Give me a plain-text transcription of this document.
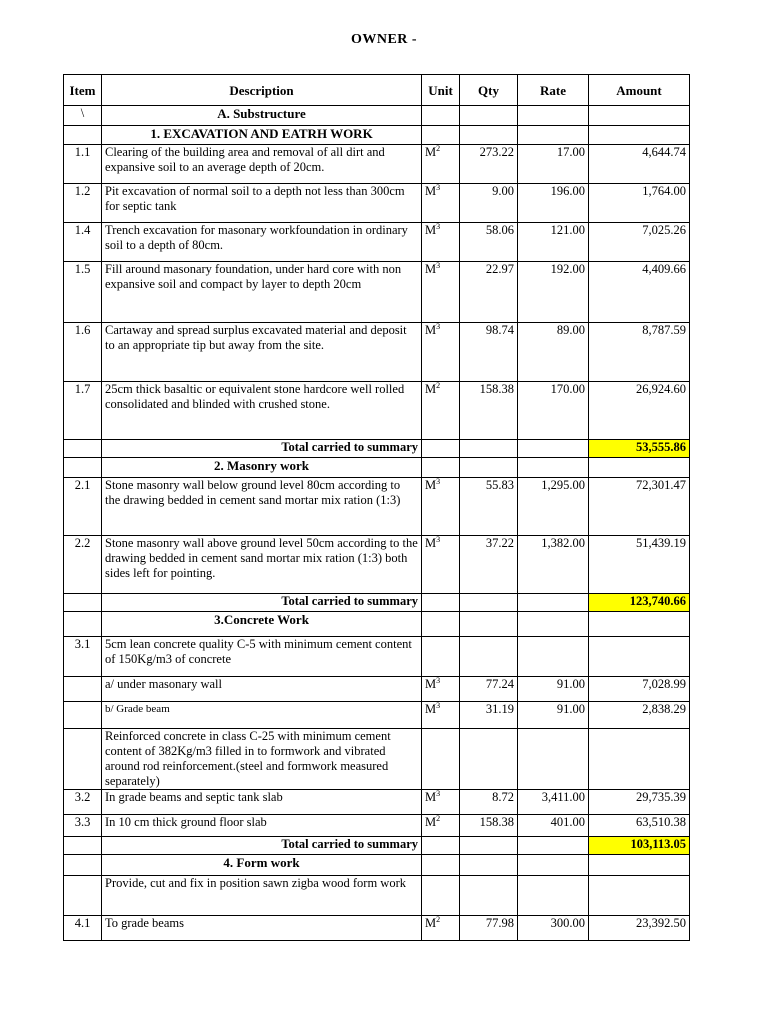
OWNER -
Item	Description	Unit	Qty	Rate	Amount
\	A. Substructure				
	1. EXCAVATION AND EATRH WORK				
1.1	Clearing of the building area and removal of all dirt and expansive soil to an average depth of 20cm.	$M^2$	273.22	17.00	4,644.74
1.2	Pit excavation of normal soil to a depth not less than 300cm for septic tank	$M^3$	9.00	196.00	1,764.00
1.4	Trench excavation for masonary workfoundation in ordinary soil to a depth of 80cm.	$M^3$	58.06	121.00	7,025.26
1.5	Fill around masonary foundation, under hard core with non expansive soil and compact by layer to depth 20cm	$M^3$	22.97	192.00	4,409.66
1.6	Cartaway and spread surplus excavated material and deposit to an appropriate tip but away from the site.	$M^3$	98.74	89.00	8,787.59
1.7	25cm thick basaltic or equivalent stone hardcore well rolled consolidated and blinded with crushed stone.	$M^2$	158.38	170.00	26,924.60
	Total carried to summary				53,555.86
	2. Masonry work				
2.1	Stone masonry wall below ground level 80cm according to the drawing bedded in cement sand mortar mix ration (1:3)	$M^3$	55.83	1,295.00	72,301.47
2.2	Stone masonry wall above ground level 50cm according to the drawing bedded in cement sand mortar mix ration (1:3) both sides left for pointing.	$M^3$	37.22	1,382.00	51,439.19
	Total carried to summary				123,740.66
	3.Concrete Work				
3.1	5cm lean concrete quality C-5 with minimum cement content of 150Kg/m3 of concrete				
	a/ under masonary wall	$M^3$	77.24	91.00	7,028.99
	b/ Grade beam	$M^3$	31.19	91.00	2,838.29
	Reinforced concrete in class C-25 with minimum cement content of 382Kg/m3 filled in to formwork and vibrated around rod reinforcement.(steel and formwork measured separately)				
3.2	In grade beams and septic tank slab	$M^3$	8.72	3,411.00	29,735.39
3.3	In 10 cm thick ground floor slab	$M^2$	158.38	401.00	63,510.38
	Total carried to summary				103,113.05
	4. Form work				
	Provide, cut and fix in position sawn zigba wood form work				
4.1	To grade beams	$M^2$	77.98	300.00	23,392.50
